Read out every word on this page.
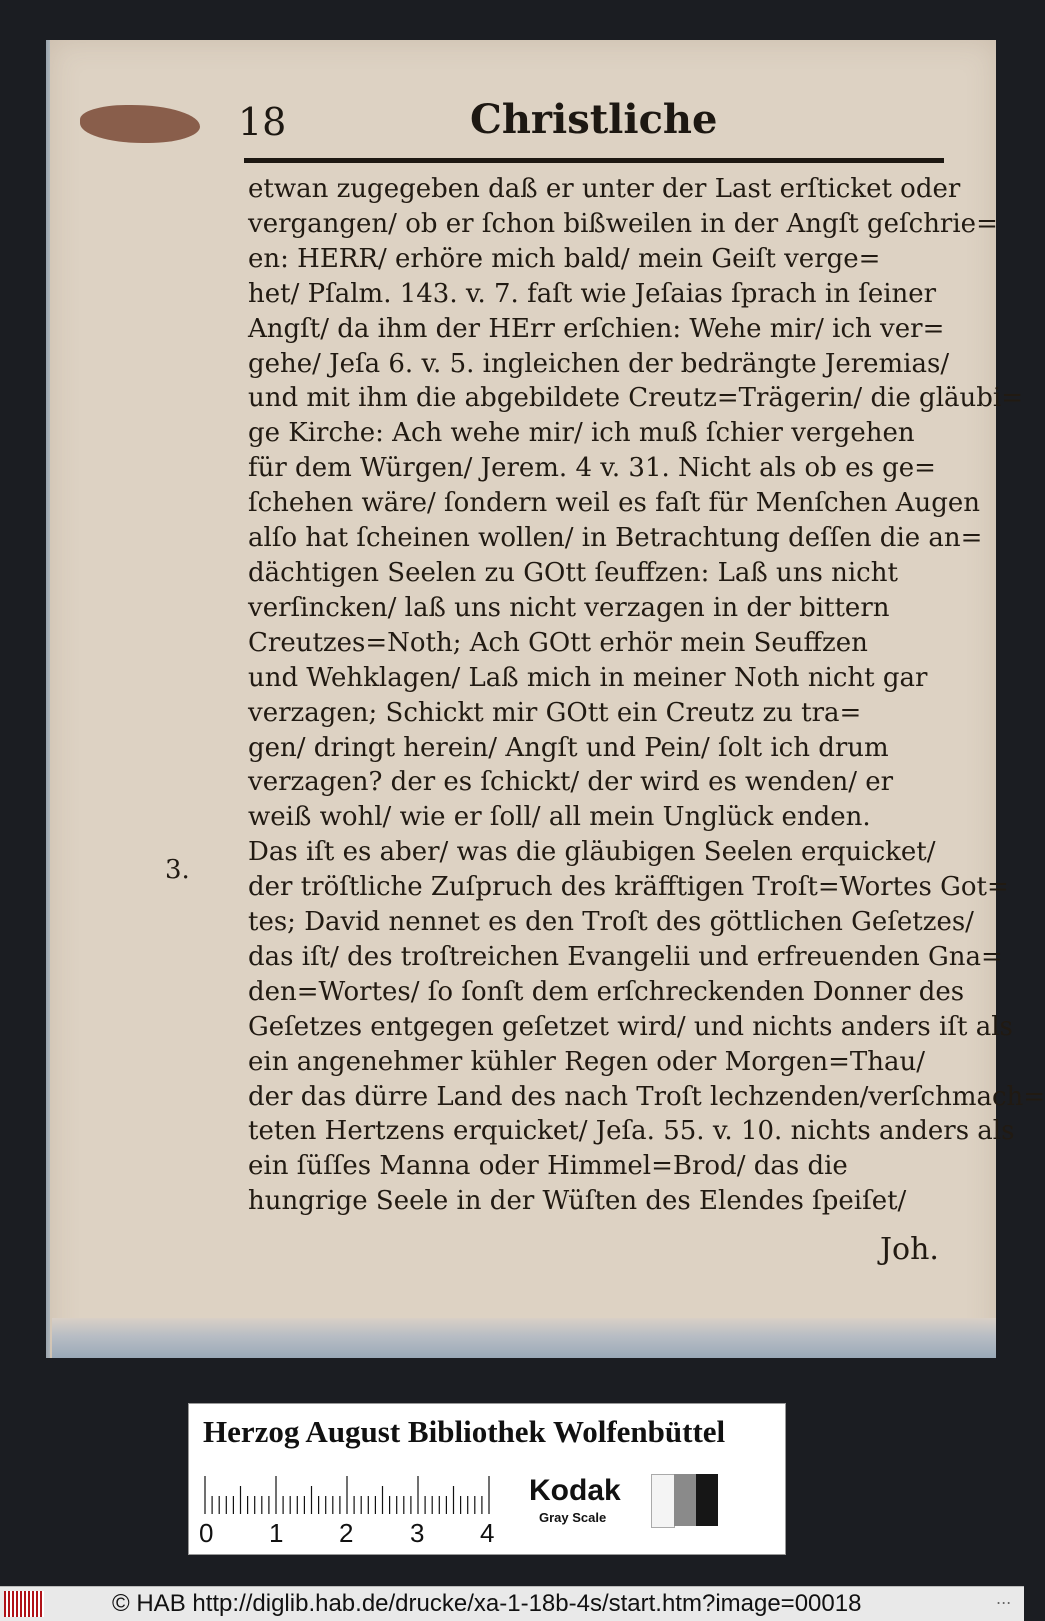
18	Christliche
3.
etwan zugegeben daß er unter der Last erſticket oder
vergangen/ ob er ſchon bißweilen in der Angſt geſchrie=
en: HERR/ erhöre mich bald/ mein Geiſt verge=
het/ Pſalm. 143. v. 7. faſt wie Jeſaias ſprach in ſeiner
Angſt/ da ihm der HErr erſchien: Wehe mir/ ich ver=
gehe/ Jeſa 6. v. 5. ingleichen der bedrängte Jeremias/
und mit ihm die abgebildete Creutz=Trägerin/ die gläubi=
ge Kirche: Ach wehe mir/ ich muß ſchier vergehen
für dem Würgen/ Jerem. 4 v. 31. Nicht als ob es ge=
ſchehen wäre/ ſondern weil es faſt für Menſchen Augen
alſo hat ſcheinen wollen/ in Betrachtung deſſen die an=
dächtigen Seelen zu GOtt ſeuffzen: Laß uns nicht
verſincken/ laß uns nicht verzagen in der bittern
Creutzes=Noth; Ach GOtt erhör mein Seuffzen
und Wehklagen/ Laß mich in meiner Noth nicht gar
verzagen; Schickt mir GOtt ein Creutz zu tra=
gen/ dringt herein/ Angſt und Pein/ ſolt ich drum
verzagen? der es ſchickt/ der wird es wenden/ er
weiß wohl/ wie er ſoll/ all mein Unglück enden.
Das iſt es aber/ was die gläubigen Seelen erquicket/
der tröſtliche Zuſpruch des kräfftigen Troſt=Wortes Got=
tes; David nennet es den Troſt des göttlichen Geſetzes/
das iſt/ des troſtreichen Evangelii und erfreuenden Gna=
den=Wortes/ ſo ſonſt dem erſchreckenden Donner des
Geſetzes entgegen geſetzet wird/ und nichts anders iſt als
ein angenehmer kühler Regen oder Morgen=Thau/
der das dürre Land des nach Troſt lechzenden/verſchmach=
teten Hertzens erquicket/ Jeſa. 55. v. 10. nichts anders als
ein ſüſſes Manna oder Himmel=Brod/ das die
hungrige Seele in der Wüſten des Elendes ſpeiſet/
Joh.
Herzog August Bibliothek Wolfenbüttel
0 1 2 3 4
Kodak
Gray Scale
© HAB http://diglib.hab.de/drucke/xa-1-18b-4s/start.htm?image=00018	...
